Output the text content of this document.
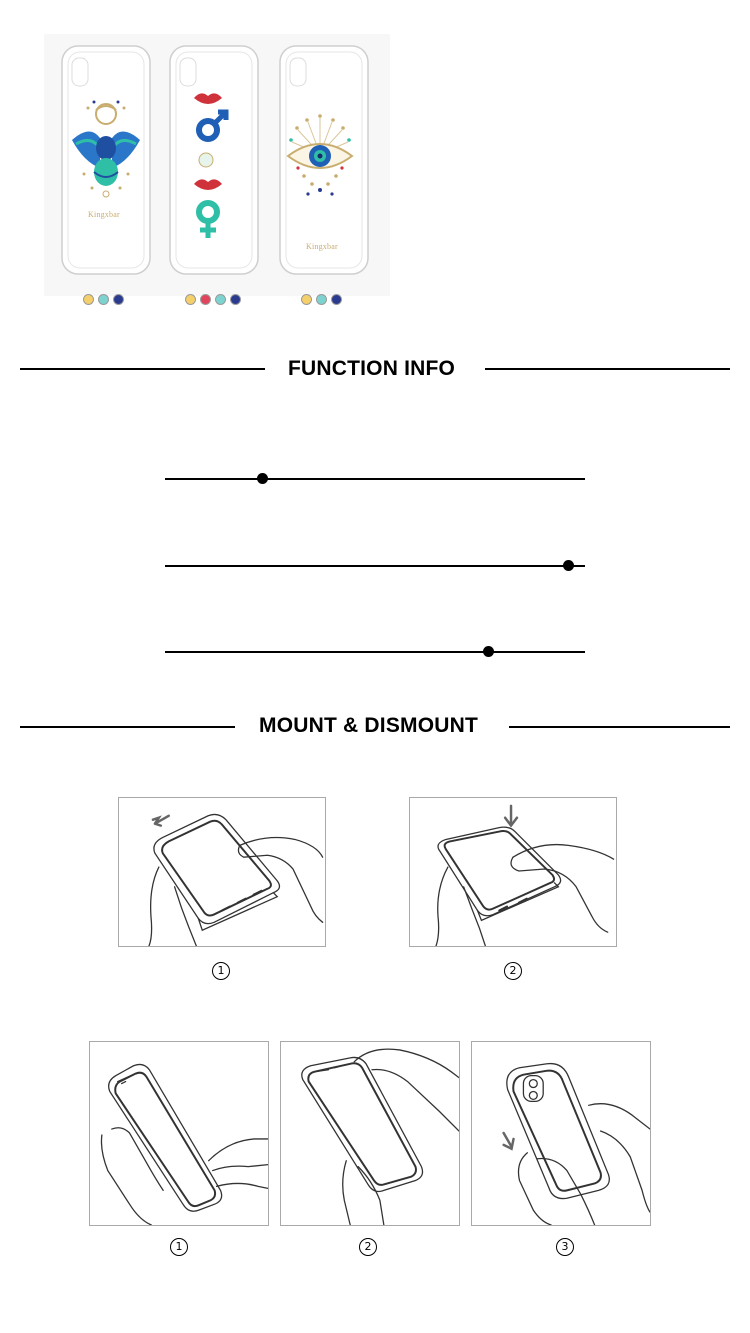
Kingxbar
Kingxbar
FUNCTION INFO
MOUNT & DISMOUNT
1	2
1	2	3
